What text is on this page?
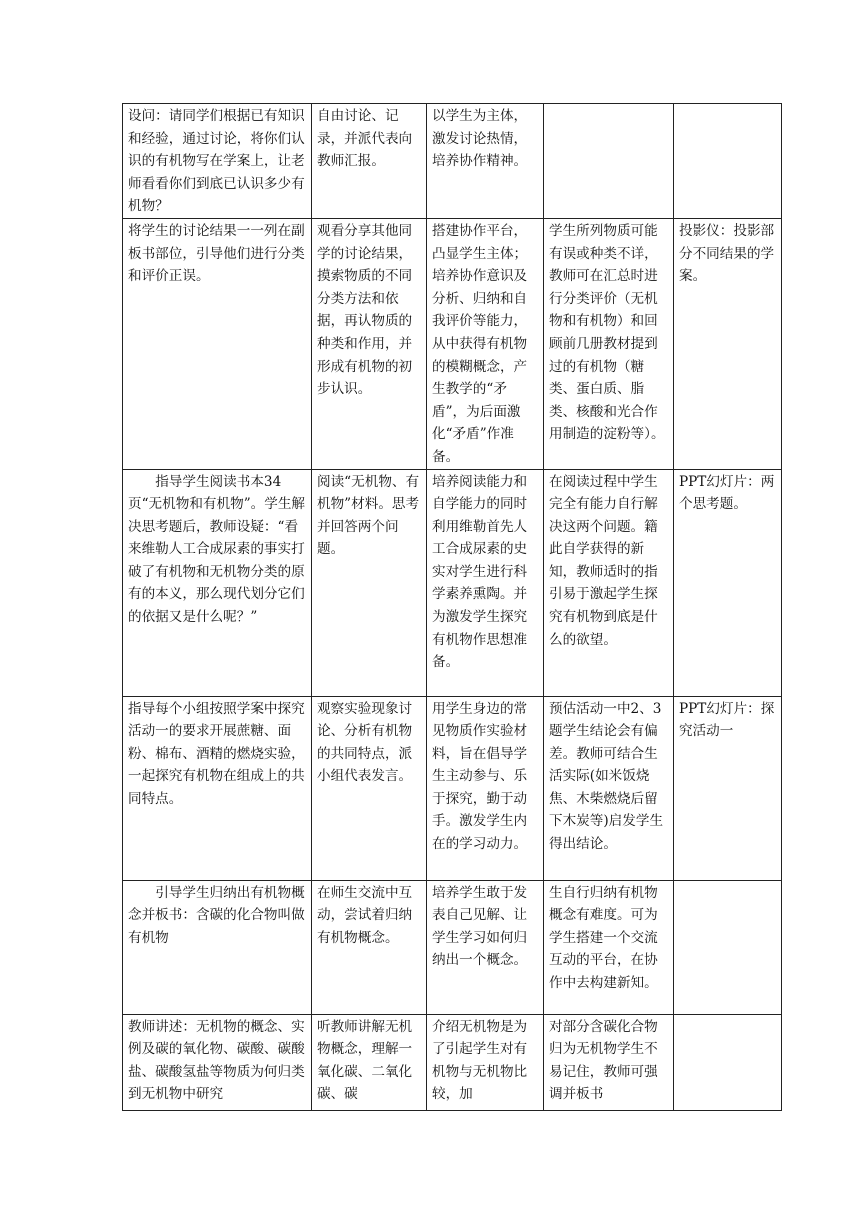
设问：请同学们根据已有知识和经验，通过讨论，将你们认识的有机物写在学案上，让老师看看你们到底已认识多少有机物？	自由讨论、记录，并派代表向教师汇报。	以学生为主体，激发讨论热情，培养协作精神。		
将学生的讨论结果一一列在副板书部位，引导他们进行分类和评价正误。	观看分享其他同学的讨论结果，摸索物质的不同分类方法和依据，再认物质的种类和作用，并形成有机物的初步认识。	搭建协作平台，凸显学生主体；培养协作意识及分析、归纳和自我评价等能力，从中获得有机物的模糊概念，产生教学的“矛盾”，为后面激化“矛盾”作准备。	学生所列物质可能有误或种类不详，教师可在汇总时进行分类评价（无机物和有机物）和回顾前几册教材提到过的有机物（糖类、蛋白质、脂类、核酸和光合作用制造的淀粉等）。	投影仪：投影部分不同结果的学案。
指导学生阅读书本34页“无机物和有机物”。学生解决思考题后，教师设疑：“看来维勒人工合成尿素的事实打破了有机物和无机物分类的原有的本义，那么现代划分它们的依据又是什么呢？”	阅读“无机物、有机物”材料。思考并回答两个问题。	培养阅读能力和自学能力的同时利用维勒首先人工合成尿素的史实对学生进行科学素养熏陶。并为激发学生探究有机物作思想准备。	在阅读过程中学生完全有能力自行解决这两个问题。籍此自学获得的新知，教师适时的指引易于激起学生探究有机物到底是什么的欲望。	PPT幻灯片：两个思考题。
指导每个小组按照学案中探究活动一的要求开展蔗糖、面粉、棉布、酒精的燃烧实验，一起探究有机物在组成上的共同特点。	观察实验现象讨论、分析有机物的共同特点，派小组代表发言。	用学生身边的常见物质作实验材料，旨在倡导学生主动参与、乐于探究，勤于动手。激发学生内在的学习动力。	预估活动一中2、3题学生结论会有偏差。教师可结合生活实际(如米饭烧焦、木柴燃烧后留下木炭等)启发学生得出结论。	PPT幻灯片：探究活动一
引导学生归纳出有机物概念并板书：含碳的化合物叫做有机物	在师生交流中互动，尝试着归纳有机物概念。	培养学生敢于发表自己见解、让学生学习如何归纳出一个概念。	生自行归纳有机物概念有难度。可为学生搭建一个交流互动的平台，在协作中去构建新知。	
教师讲述：无机物的概念、实例及碳的氧化物、碳酸、碳酸盐、碳酸氢盐等物质为何归类到无机物中研究	听教师讲解无机物概念，理解一氧化碳、二氧化碳、碳	介绍无机物是为了引起学生对有机物与无机物比较，加	对部分含碳化合物归为无机物学生不易记住，教师可强调并板书	
